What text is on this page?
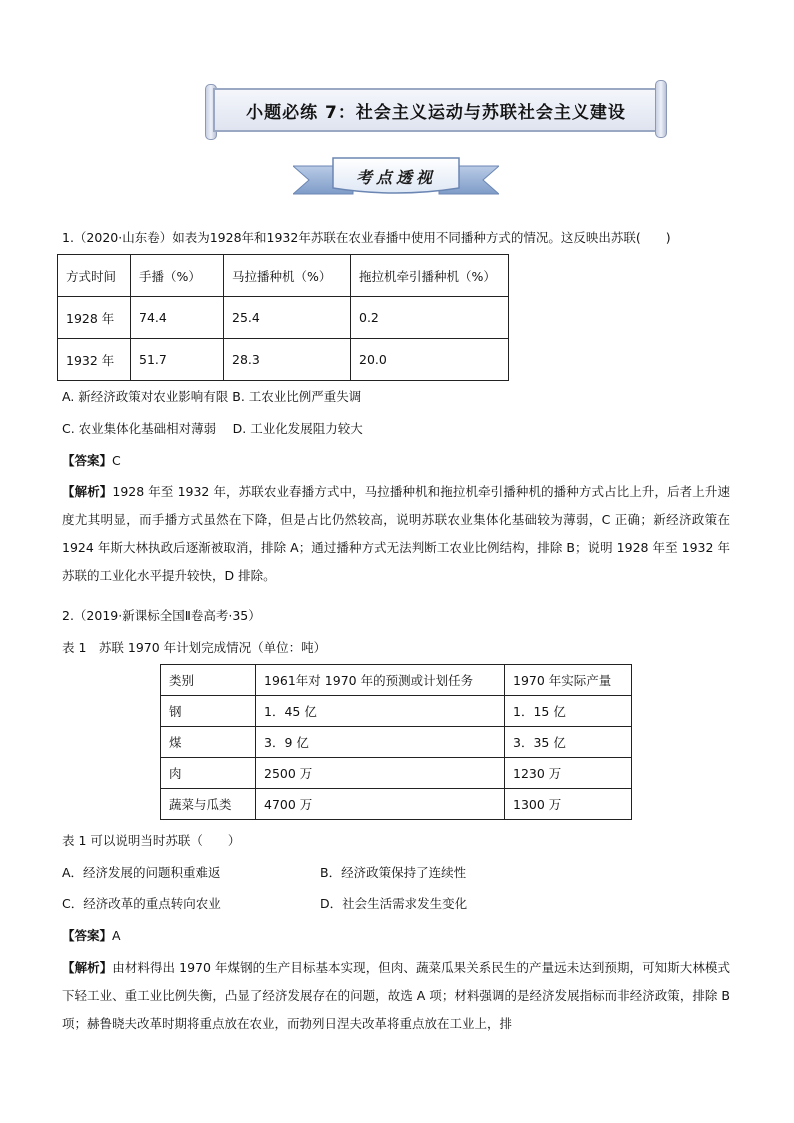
小题必练 7：社会主义运动与苏联社会主义建设
考点透视
1.（2020·山东卷）如表为1928年和1932年苏联在农业春播中使用不同播种方式的情况。这反映出苏联(　　)
方式时间	手播（%）	马拉播种机（%）	拖拉机牵引播种机（%）
1928 年	74.4	25.4	0.2
1932 年	51.7	28.3	20.0
A. 新经济政策对农业影响有限 B. 工农业比例严重失调
C. 农业集体化基础相对薄弱　 D. 工业化发展阻力较大
【答案】C
【解析】1928 年至 1932 年，苏联农业春播方式中，马拉播种机和拖拉机牵引播种机的播种方式占比上升，后者上升速度尤其明显，而手播方式虽然在下降，但是占比仍然较高，说明苏联农业集体化基础较为薄弱，C 正确；新经济政策在 1924 年斯大林执政后逐渐被取消，排除 A；通过播种方式无法判断工农业比例结构，排除 B；说明 1928 年至 1932 年苏联的工业化水平提升较快，D 排除。
2.（2019·新课标全国Ⅱ卷高考·35）
表 1　苏联 1970 年计划完成情况（单位：吨）
类别	1961年对 1970 年的预测或计划任务	1970 年实际产量
钢	1．45 亿	1．15 亿
煤	3．9 亿	3．35 亿
肉	2500 万	1230 万
蔬菜与瓜类	4700 万	1300 万
表 1 可以说明当时苏联（　　）
A．经济发展的问题积重难返	B．经济政策保持了连续性
C．经济改革的重点转向农业	D．社会生活需求发生变化
【答案】A
【解析】由材料得出 1970 年煤钢的生产目标基本实现，但肉、蔬菜瓜果关系民生的产量远未达到预期，可知斯大林模式下轻工业、重工业比例失衡，凸显了经济发展存在的问题，故选 A 项；材料强调的是经济发展指标而非经济政策，排除 B 项；赫鲁晓夫改革时期将重点放在农业，而勃列日涅夫改革将重点放在工业上，排
